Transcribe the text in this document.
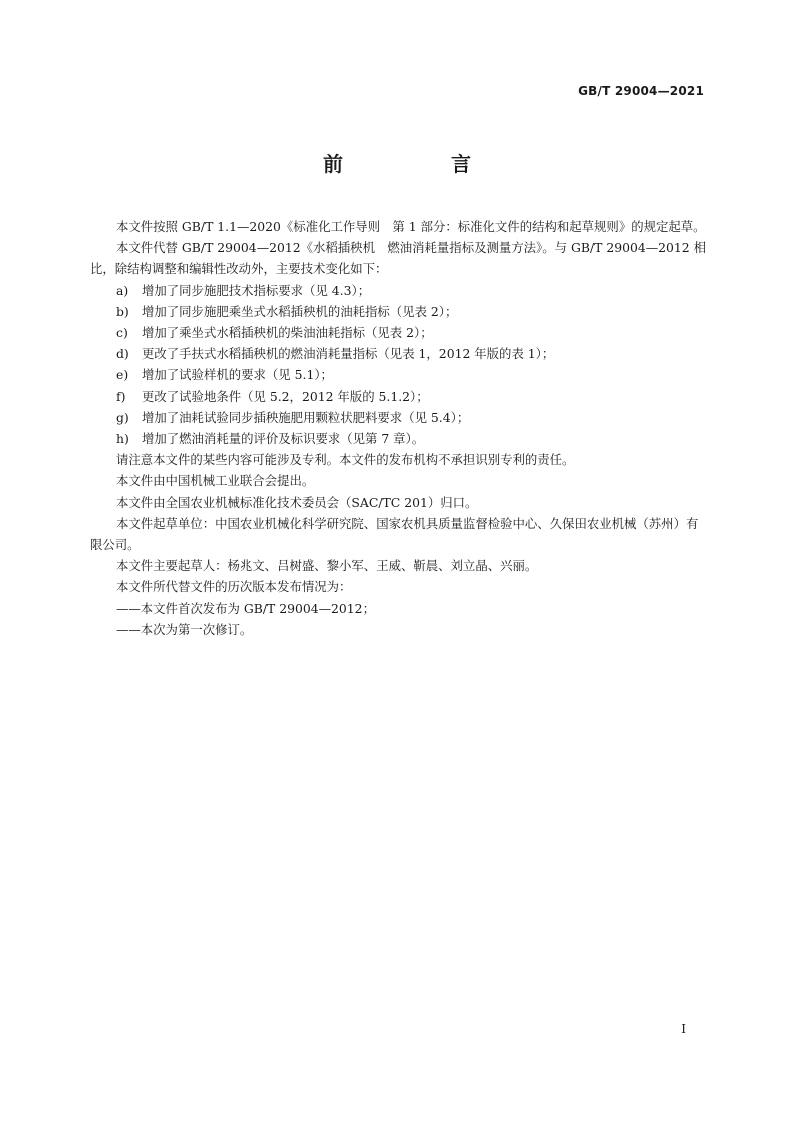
GB/T 29004—2021
前　言

本文件按照 GB/T 1.1—2020《标准化工作导则　第 1 部分：标准化文件的结构和起草规则》的规定起草。

本文件代替 GB/T 29004—2012《水稻插秧机　燃油消耗量指标及测量方法》。与 GB/T 29004—2012 相比，除结构调整和编辑性改动外，主要技术变化如下：

a)	增加了同步施肥技术指标要求（见 4.3）；
b)	增加了同步施肥乘坐式水稻插秧机的油耗指标（见表 2）；
c)	增加了乘坐式水稻插秧机的柴油油耗指标（见表 2）；
d)	更改了手扶式水稻插秧机的燃油消耗量指标（见表 1，2012 年版的表 1）；
e)	增加了试验样机的要求（见 5.1）；
f)	更改了试验地条件（见 5.2，2012 年版的 5.1.2）；
g)	增加了油耗试验同步插秧施肥用颗粒状肥料要求（见 5.4）；
h)	增加了燃油消耗量的评价及标识要求（见第 7 章）。

请注意本文件的某些内容可能涉及专利。本文件的发布机构不承担识别专利的责任。

本文件由中国机械工业联合会提出。

本文件由全国农业机械标准化技术委员会（SAC/TC 201）归口。

本文件起草单位：中国农业机械化科学研究院、国家农机具质量监督检验中心、久保田农业机械（苏州）有限公司。

本文件主要起草人：杨兆文、吕树盛、黎小军、王威、靳晨、刘立晶、兴丽。

本文件所代替文件的历次版本发布情况为：

——本文件首次发布为 GB/T 29004—2012；

——本次为第一次修订。

I
